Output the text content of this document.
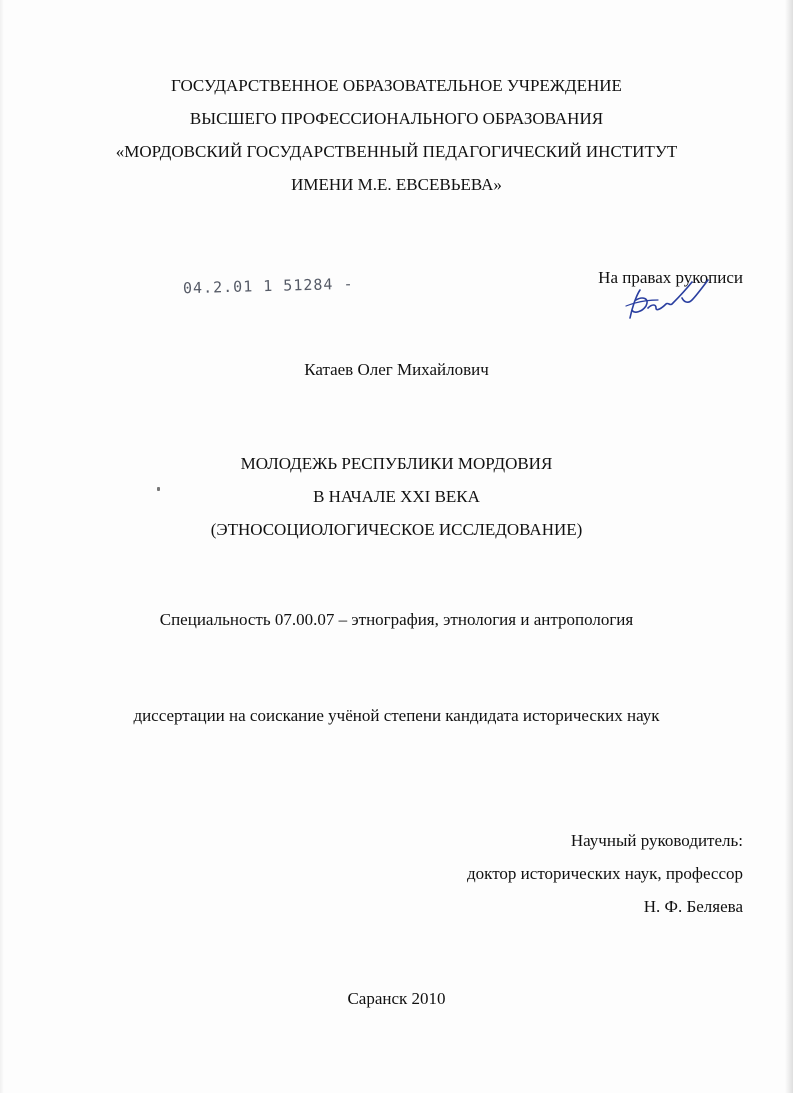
ГОСУДАРСТВЕННОЕ ОБРАЗОВАТЕЛЬНОЕ УЧРЕЖДЕНИЕ
ВЫСШЕГО ПРОФЕССИОНАЛЬНОГО ОБРАЗОВАНИЯ
«МОРДОВСКИЙ ГОСУДАРСТВЕННЫЙ ПЕДАГОГИЧЕСКИЙ ИНСТИТУТ
ИМЕНИ М.Е. ЕВСЕВЬЕВА»
04.2.01 1 51284 -	На правах рукописи
Катаев Олег Михайлович
МОЛОДЕЖЬ РЕСПУБЛИКИ МОРДОВИЯ
В НАЧАЛЕ XXI ВЕКА
(ЭТНОСОЦИОЛОГИЧЕСКОЕ ИССЛЕДОВАНИЕ)
Специальность 07.00.07 – этнография, этнология и антропология
диссертации на соискание учёной степени кандидата исторических наук
Научный руководитель:
доктор исторических наук, профессор
Н. Ф. Беляева
Саранск 2010
